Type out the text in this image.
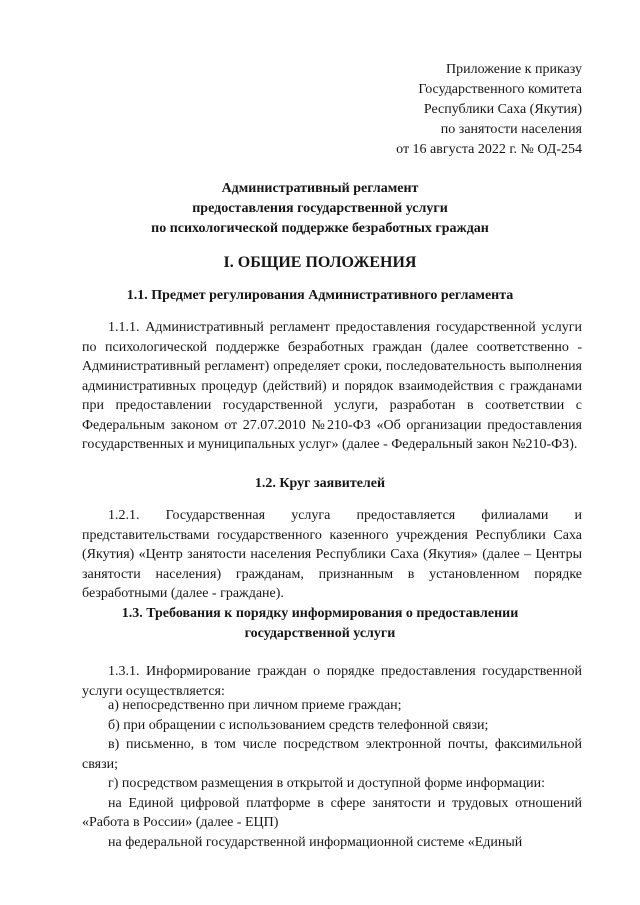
Приложение к приказу
Государственного комитета
Республики Саха (Якутия)
по занятости населения
от 16 августа 2022 г. № ОД-254
Административный регламент
предоставления государственной услуги
по психологической поддержке безработных граждан
I. ОБЩИЕ ПОЛОЖЕНИЯ
1.1. Предмет регулирования Административного регламента

1.1.1. Административный регламент предоставления государственной услуги по психологической поддержке безработных граждан (далее соответственно - Административный регламент) определяет сроки, последовательность выполнения административных процедур (действий) и порядок взаимодействия с гражданами при предоставлении государственной услуги, разработан в соответствии с Федеральным законом от 27.07.2010 №210-ФЗ «Об организации предоставления государственных и муниципальных услуг» (далее - Федеральный закон №210-ФЗ).

1.2. Круг заявителей

1.2.1. Государственная услуга предоставляется филиалами и представительствами государственного казенного учреждения Республики Саха (Якутия) «Центр занятости населения Республики Саха (Якутия» (далее – Центры занятости населения) гражданам, признанным в установленном порядке безработными (далее - граждане).

1.3. Требования к порядку информирования о предоставлении
государственной услуги

1.3.1. Информирование граждан о порядке предоставления государственной услуги осуществляется:

а) непосредственно при личном приеме граждан;

б) при обращении с использованием средств телефонной связи;

в) письменно, в том числе посредством электронной почты, факсимильной связи;

г) посредством размещения в открытой и доступной форме информации:

на Единой цифровой платформе в сфере занятости и трудовых отношений «Работа в России» (далее - ЕЦП)

на федеральной государственной информационной системе «Единый
